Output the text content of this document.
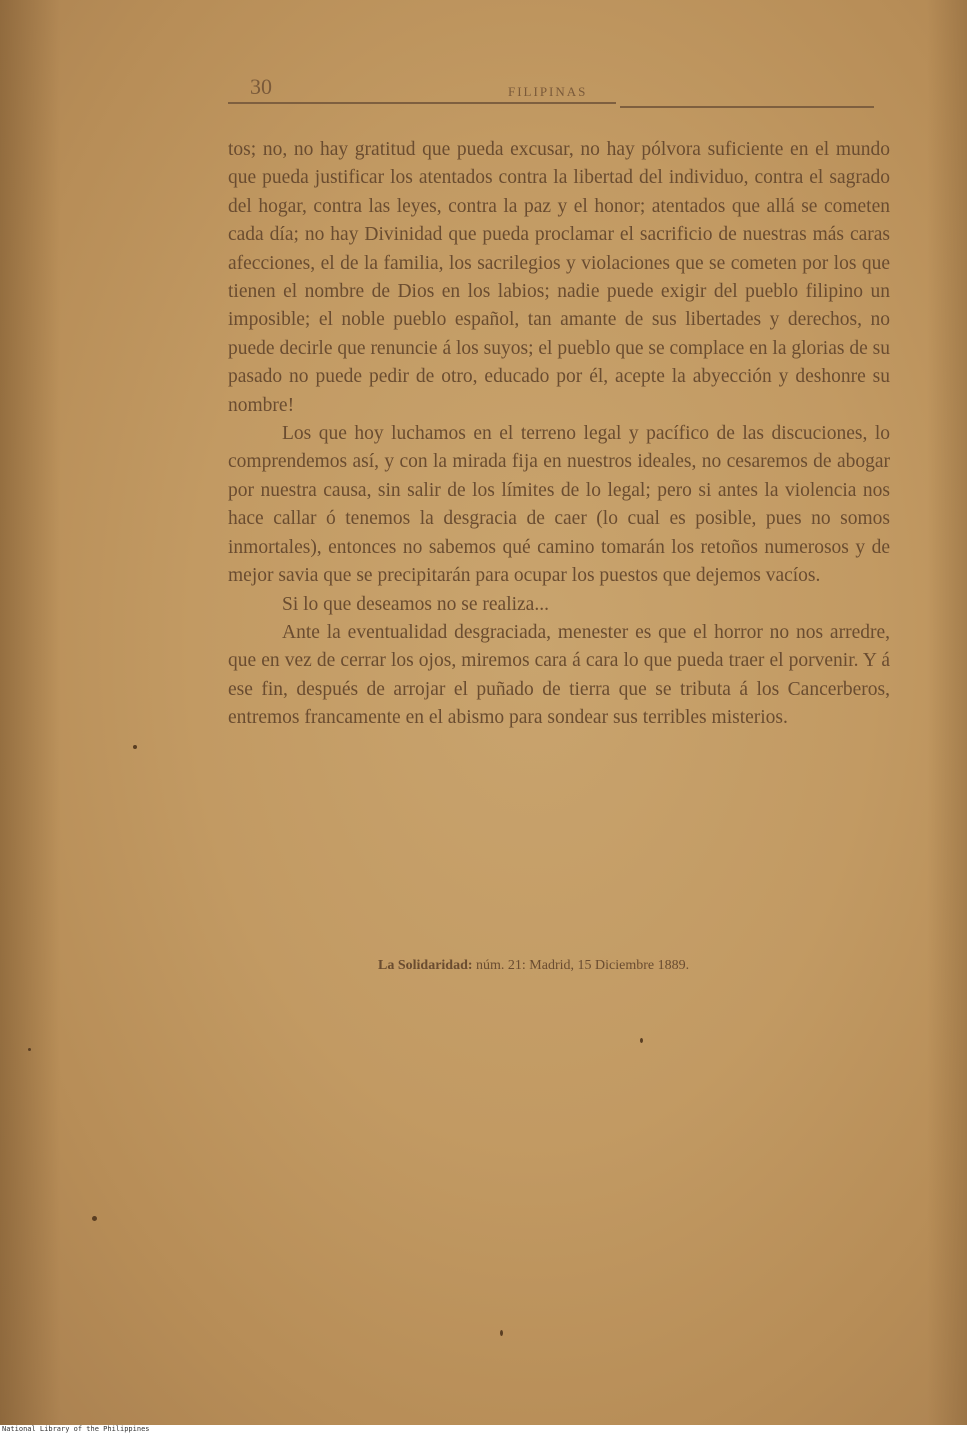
30	FILIPINAS

tos; no, no hay gratitud que pueda excusar, no hay pólvora suficiente en el mundo que pueda justificar los atentados contra la libertad del individuo, contra el sagrado del hogar, contra las leyes, contra la paz y el honor; atentados que allá se cometen cada día; no hay Divinidad que pueda proclamar el sacrificio de nuestras más caras afecciones, el de la familia, los sacrilegios y violaciones que se cometen por los que tienen el nombre de Dios en los labios; nadie puede exigir del pueblo filipino un imposible; el noble pueblo español, tan amante de sus libertades y derechos, no puede decirle que renuncie á los suyos; el pueblo que se complace en la glorias de su pasado no puede pedir de otro, educado por él, acepte la abyección y deshonre su nombre!

Los que hoy luchamos en el terreno legal y pacífico de las discuciones, lo comprendemos así, y con la mirada fija en nuestros ideales, no cesaremos de abogar por nuestra causa, sin salir de los límites de lo legal; pero si antes la violencia nos hace callar ó tenemos la desgracia de caer (lo cual es posible, pues no somos inmortales), entonces no sabemos qué camino tomarán los retoños numerosos y de mejor savia que se precipitarán para ocupar los puestos que dejemos vacíos.

Si lo que deseamos no se realiza...

Ante la eventualidad desgraciada, menester es que el horror no nos arredre, que en vez de cerrar los ojos, miremos cara á cara lo que pueda traer el porvenir. Y á ese fin, después de arrojar el puñado de tierra que se tributa á los Cancerberos, entremos francamente en el abismo para sondear sus terribles misterios.

La Solidaridad: núm. 21: Madrid, 15 Diciembre 1889.
National Library of the Philippines
